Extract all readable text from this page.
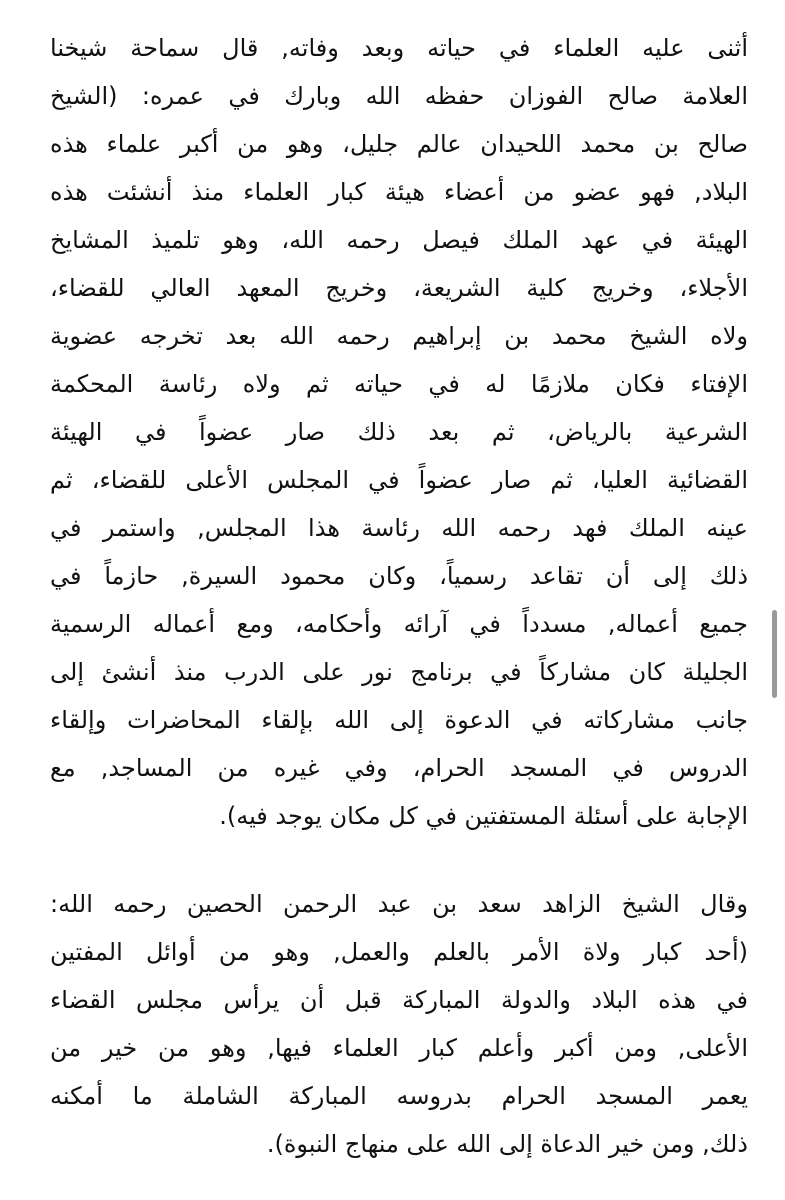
أثنى عليه العلماء في حياته وبعد وفاته, قال سماحة شيخنا
العلامة صالح الفوزان حفظه الله وبارك في عمره: (الشيخ
صالح بن محمد اللحيدان عالم جليل، وهو من أكبر علماء هذه
البلاد, فهو عضو من أعضاء هيئة كبار العلماء منذ أنشئت هذه
الهيئة في عهد الملك فيصل رحمه الله، وهو تلميذ المشايخ
الأجلاء، وخريج كلية الشريعة، وخريج المعهد العالي للقضاء،
ولاه الشيخ محمد بن إبراهيم رحمه الله بعد تخرجه عضوية
الإفتاء فكان ملازمًا له في حياته ثم ولاه رئاسة المحكمة
الشرعية بالرياض، ثم بعد ذلك صار عضواً في الهيئة
القضائية العليا، ثم صار عضواً في المجلس الأعلى للقضاء، ثم
عينه الملك فهد رحمه الله رئاسة هذا المجلس, واستمر في
ذلك إلى أن تقاعد رسمياً، وكان محمود السيرة, حازماً في
جميع أعماله, مسدداً في آرائه وأحكامه، ومع أعماله الرسمية
الجليلة كان مشاركاً في برنامج نور على الدرب منذ أنشئ إلى
جانب مشاركاته في الدعوة إلى الله بإلقاء المحاضرات وإلقاء
الدروس في المسجد الحرام، وفي غيره من المساجد, مع
الإجابة على أسئلة المستفتين في كل مكان يوجد فيه).
وقال الشيخ الزاهد سعد بن عبد الرحمن الحصين رحمه الله:
(أحد كبار ولاة الأمر بالعلم والعمل, وهو من أوائل المفتين
في هذه البلاد والدولة المباركة قبل أن يرأس مجلس القضاء
الأعلى, ومن أكبر وأعلم كبار العلماء فيها, وهو من خير من
يعمر المسجد الحرام بدروسه المباركة الشاملة ما أمكنه
ذلك, ومن خير الدعاة إلى الله على منهاج النبوة).
